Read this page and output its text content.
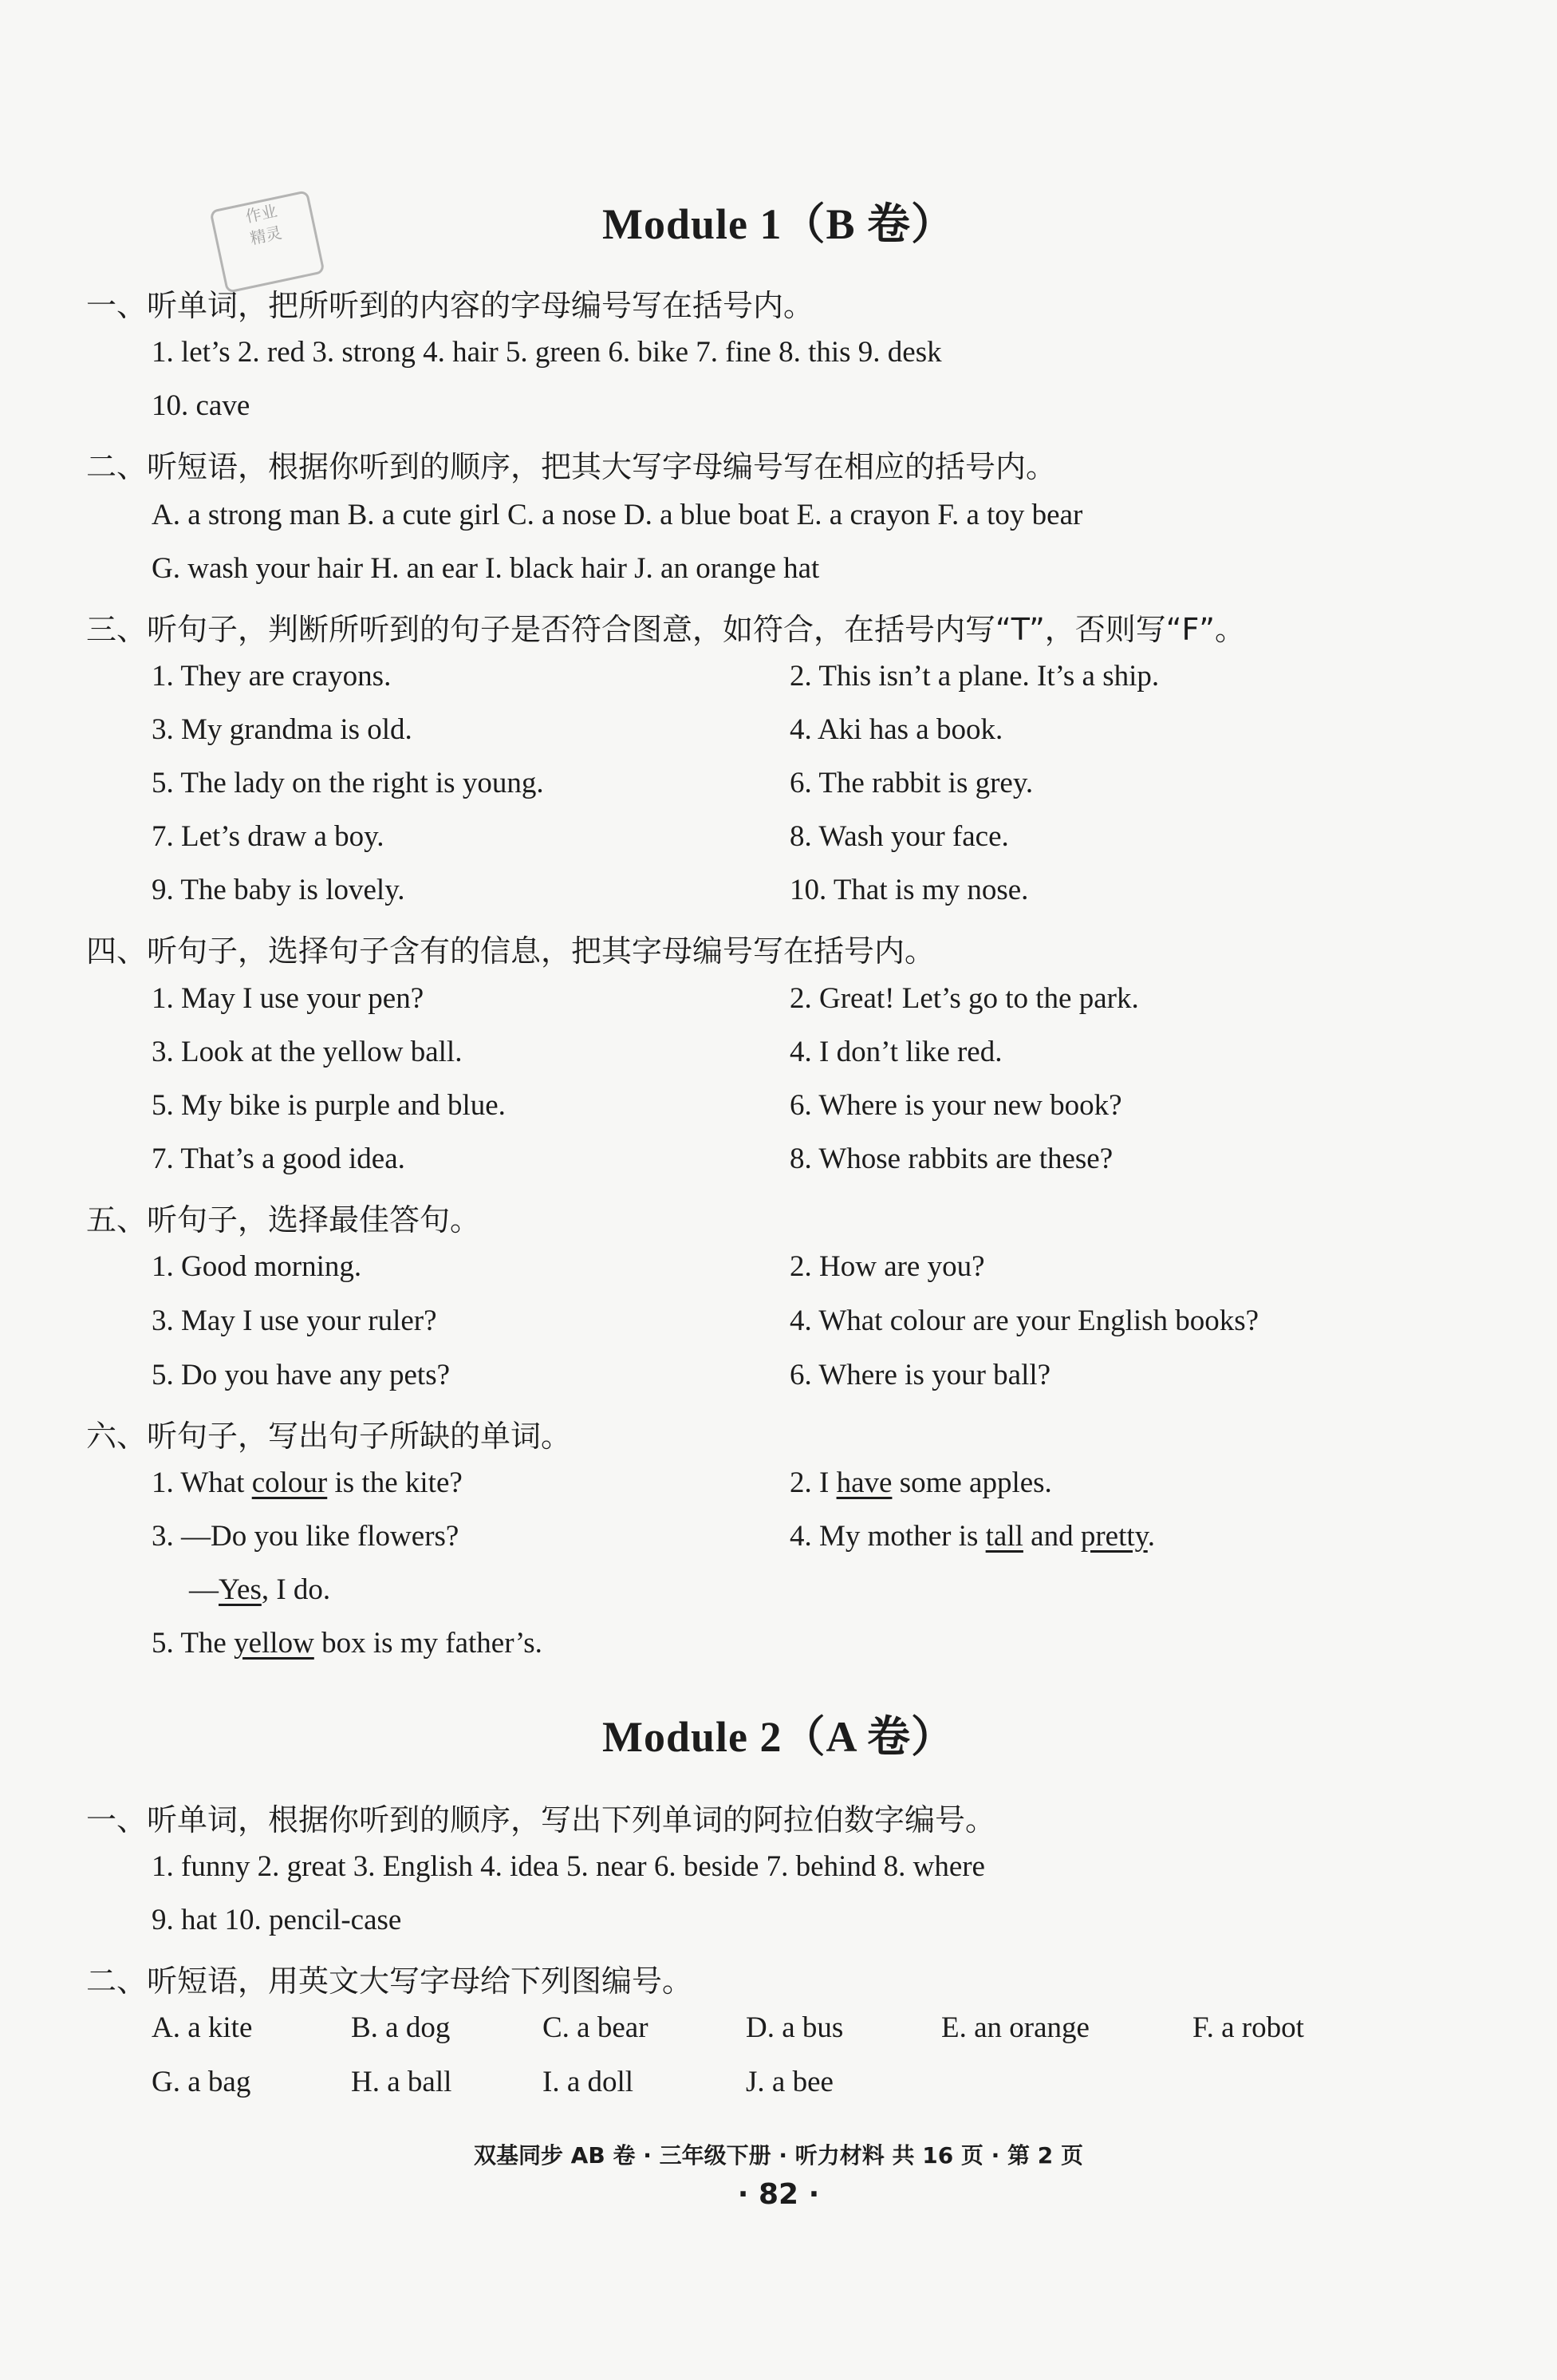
作业
精灵	Module 1（B 卷）
一、听单词，把所听到的内容的字母编号写在括号内。
1. let’s 2. red 3. strong 4. hair 5. green 6. bike 7. fine 8. this 9. desk
10. cave
二、听短语，根据你听到的顺序，把其大写字母编号写在相应的括号内。
A. a strong man B. a cute girl C. a nose D. a blue boat E. a crayon F. a toy bear
G. wash your hair H. an ear I. black hair J. an orange hat
三、听句子，判断所听到的句子是否符合图意，如符合，在括号内写“T”，否则写“F”。
1. They are crayons.	2. This isn’t a plane. It’s a ship.
3. My grandma is old.	4. Aki has a book.
5. The lady on the right is young.	6. The rabbit is grey.
7. Let’s draw a boy.	8. Wash your face.
9. The baby is lovely.	10. That is my nose.
四、听句子，选择句子含有的信息，把其字母编号写在括号内。
1. May I use your pen?	2. Great! Let’s go to the park.
3. Look at the yellow ball.	4. I don’t like red.
5. My bike is purple and blue.	6. Where is your new book?
7. That’s a good idea.	8. Whose rabbits are these?
五、听句子，选择最佳答句。
1. Good morning.	2. How are you?
3. May I use your ruler?	4. What colour are your English books?
5. Do you have any pets?	6. Where is your ball?
六、听句子，写出句子所缺的单词。
1. What colour is the kite?	2. I have some apples.
3. —Do you like flowers?	4. My mother is tall and pretty.
—Yes, I do.
5. The yellow box is my father’s.
Module 2（A 卷）
一、听单词，根据你听到的顺序，写出下列单词的阿拉伯数字编号。
1. funny 2. great 3. English 4. idea 5. near 6. beside 7. behind 8. where
9. hat 10. pencil-case
二、听短语，用英文大写字母给下列图编号。
A. a kite	B. a dog	C. a bear	D. a bus	E. an orange	F. a robot
G. a bag	H. a ball	I. a doll	J. a bee
双基同步 AB 卷 · 三年级下册 · 听力材料 共 16 页 · 第 2 页
· 82 ·
